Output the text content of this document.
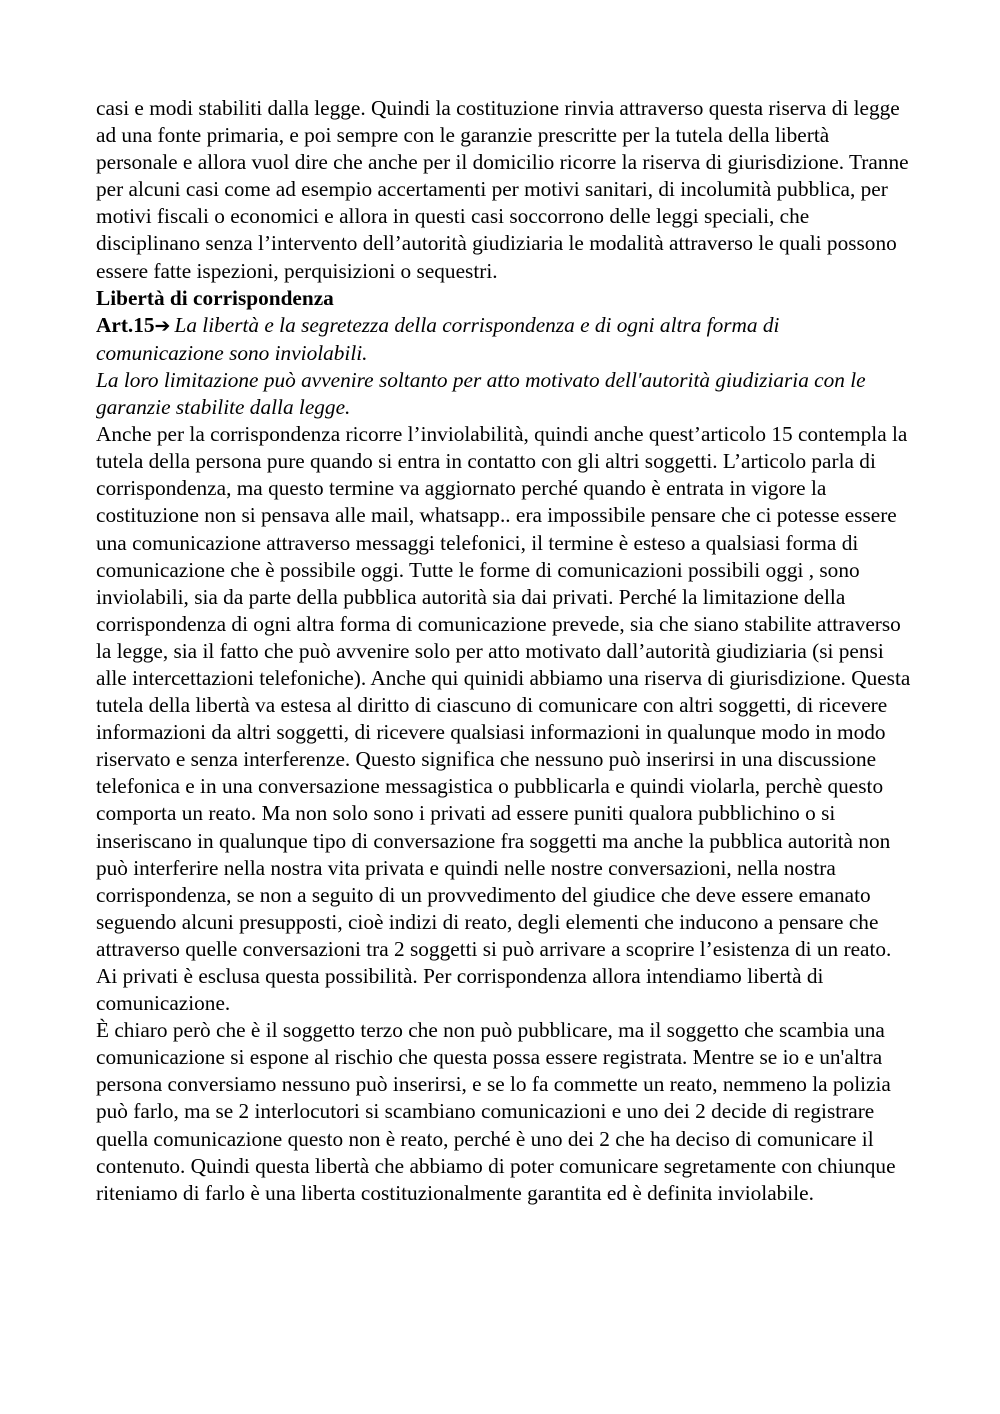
casi e modi stabiliti dalla legge. Quindi la costituzione rinvia attraverso questa riserva di legge ad una fonte primaria, e poi sempre con le garanzie prescritte per la tutela della libertà personale e allora vuol dire che anche per il domicilio ricorre la riserva di giurisdizione. Tranne per alcuni casi come ad esempio accertamenti per motivi sanitari, di incolumità pubblica, per motivi fiscali o economici e allora in questi casi soccorrono delle leggi speciali, che disciplinano senza l’intervento dell’autorità giudiziaria le modalità attraverso le quali possono essere fatte ispezioni, perquisizioni o sequestri.

Libertà di corrispondenza

Art.15➔ La libertà e la segretezza della corrispondenza e di ogni altra forma di comunicazione sono inviolabili.

La loro limitazione può avvenire soltanto per atto motivato dell'autorità giudiziaria con le garanzie stabilite dalla legge.

Anche per la corrispondenza ricorre l’inviolabilità, quindi anche quest’articolo 15 contempla la tutela della persona pure quando si entra in contatto con gli altri soggetti. L’articolo parla di corrispondenza, ma questo termine va aggiornato perché quando è entrata in vigore la costituzione non si pensava alle mail, whatsapp.. era impossibile pensare che ci potesse essere una comunicazione attraverso messaggi telefonici, il termine è esteso a qualsiasi forma di comunicazione che è possibile oggi. Tutte le forme di comunicazioni possibili oggi , sono inviolabili, sia da parte della pubblica autorità sia dai privati. Perché la limitazione della corrispondenza di ogni altra forma di comunicazione prevede, sia che siano stabilite attraverso la legge, sia il fatto che può avvenire solo per atto motivato dall’autorità giudiziaria (si pensi alle intercettazioni telefoniche). Anche qui quinidi abbiamo una riserva di giurisdizione. Questa tutela della libertà va estesa al diritto di ciascuno di comunicare con altri soggetti, di ricevere informazioni da altri soggetti, di ricevere qualsiasi informazioni in qualunque modo in modo riservato e senza interferenze. Questo significa che nessuno può inserirsi in una discussione telefonica e in una conversazione messagistica o pubblicarla e quindi violarla, perchè questo comporta un reato. Ma non solo sono i privati ad essere puniti qualora pubblichino o si inseriscano in qualunque tipo di conversazione fra soggetti ma anche la pubblica autorità non può interferire nella nostra vita privata e quindi nelle nostre conversazioni, nella nostra corrispondenza, se non a seguito di un provvedimento del giudice che deve essere emanato seguendo alcuni presupposti, cioè indizi di reato, degli elementi che inducono a pensare che attraverso quelle conversazioni tra 2 soggetti si può arrivare a scoprire l’esistenza di un reato. Ai privati è esclusa questa possibilità. Per corrispondenza allora intendiamo libertà di comunicazione.

È chiaro però che è il soggetto terzo che non può pubblicare, ma il soggetto che scambia una comunicazione si espone al rischio che questa possa essere registrata. Mentre se io e un'altra persona conversiamo nessuno può inserirsi, e se lo fa commette un reato, nemmeno la polizia può farlo, ma se 2 interlocutori si scambiano comunicazioni e uno dei 2 decide di registrare quella comunicazione questo non è reato, perché è uno dei 2 che ha deciso di comunicare il contenuto. Quindi questa libertà che abbiamo di poter comunicare segretamente con chiunque riteniamo di farlo è una liberta costituzionalmente garantita ed è definita inviolabile.
